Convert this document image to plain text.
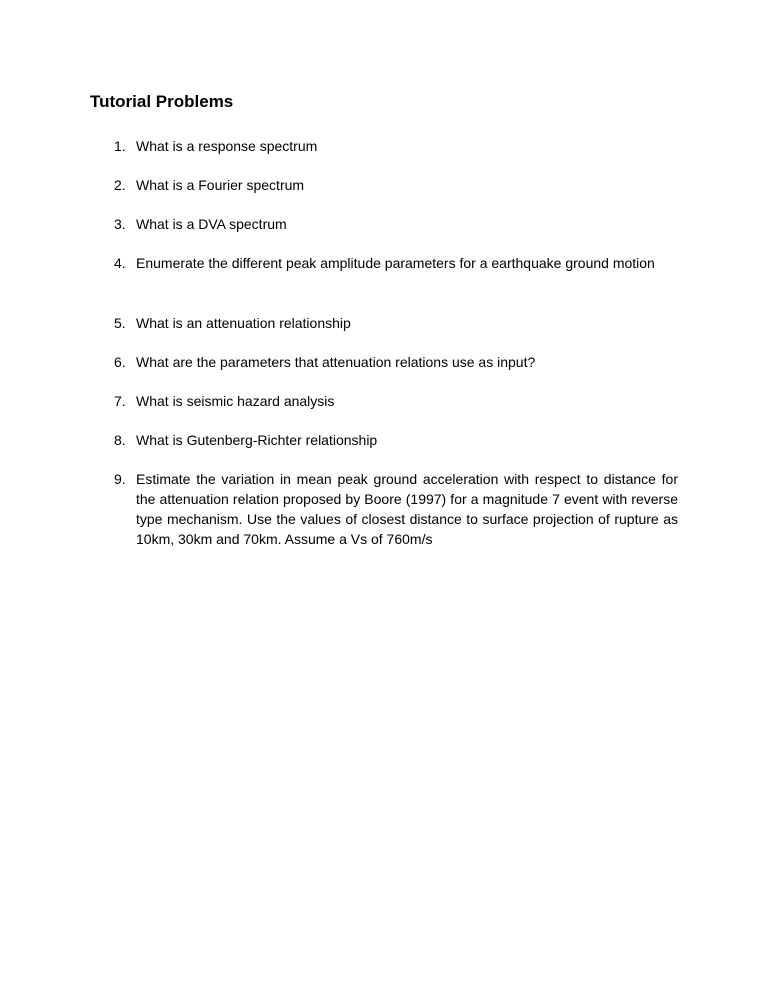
Tutorial Problems
1. What is a response spectrum
2. What is a Fourier spectrum
3. What is a DVA spectrum
4. Enumerate the different peak amplitude parameters for a earthquake ground motion
5. What is an attenuation relationship
6. What are the parameters that attenuation relations use as input?
7. What is seismic hazard analysis
8. What is Gutenberg-Richter relationship
9. Estimate the variation in mean peak ground acceleration with respect to distance for the attenuation relation proposed by Boore (1997) for a magnitude 7 event with reverse type mechanism. Use the values of closest distance to surface projection of rupture as 10km, 30km and 70km. Assume a Vs of 760m/s
